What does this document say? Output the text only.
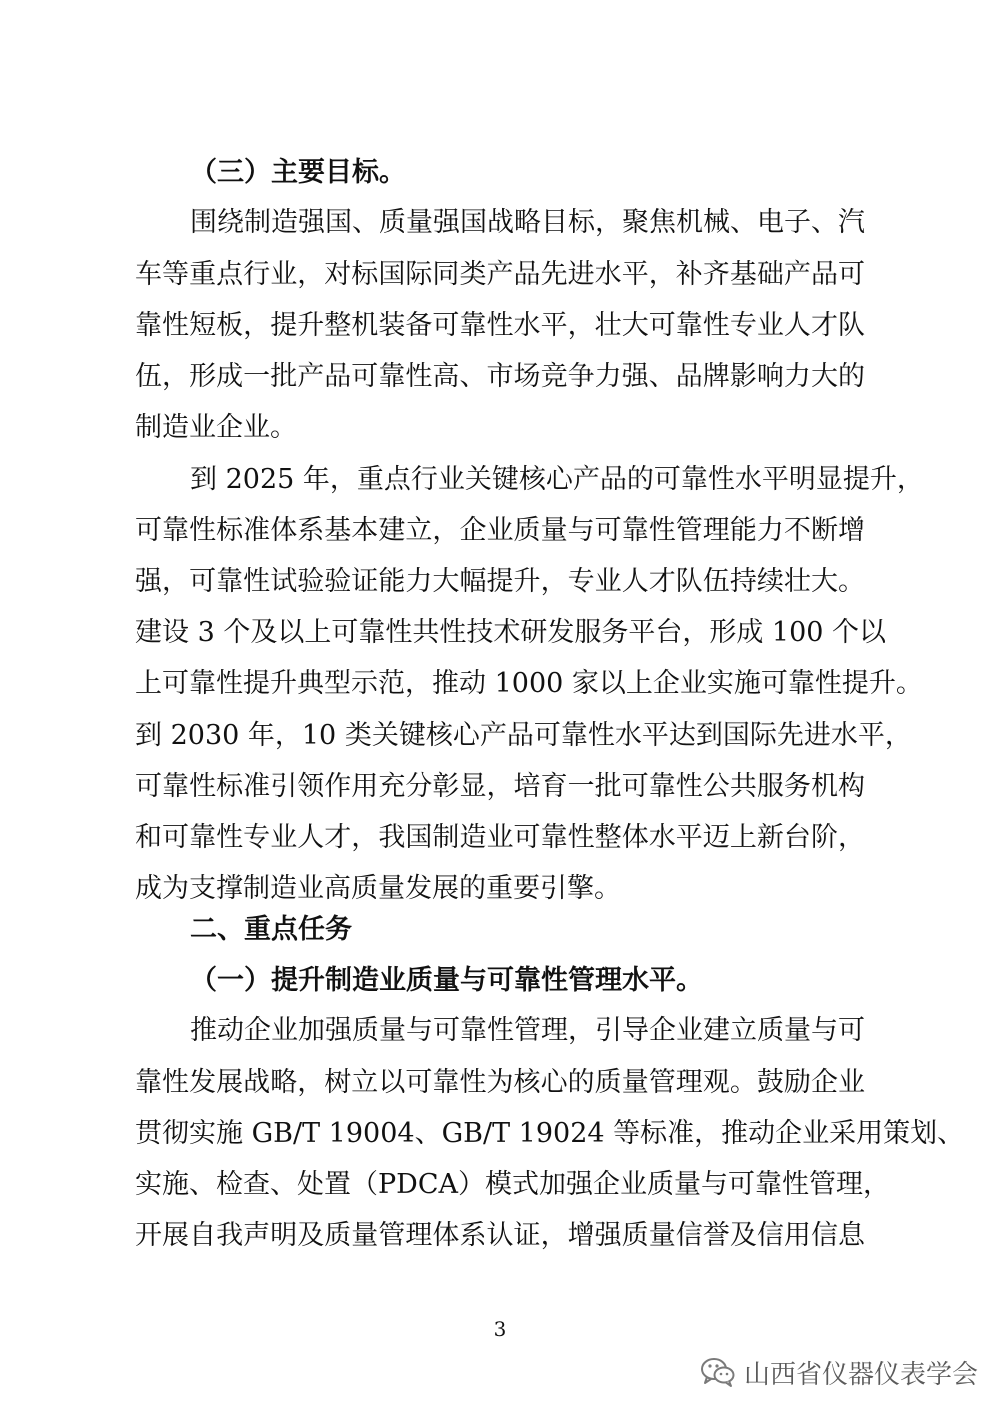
（三）主要目标。
围绕制造强国、质量强国战略目标，聚焦机械、电子、汽
车等重点行业，对标国际同类产品先进水平，补齐基础产品可
靠性短板，提升整机装备可靠性水平，壮大可靠性专业人才队
伍，形成一批产品可靠性高、市场竞争力强、品牌影响力大的
制造业企业。
到 2025 年，重点行业关键核心产品的可靠性水平明显提升，
可靠性标准体系基本建立，企业质量与可靠性管理能力不断增
强，可靠性试验验证能力大幅提升，专业人才队伍持续壮大。
建设 3 个及以上可靠性共性技术研发服务平台，形成 100 个以
上可靠性提升典型示范，推动 1000 家以上企业实施可靠性提升。
到 2030 年，10 类关键核心产品可靠性水平达到国际先进水平，
可靠性标准引领作用充分彰显，培育一批可靠性公共服务机构
和可靠性专业人才，我国制造业可靠性整体水平迈上新台阶，
成为支撑制造业高质量发展的重要引擎。
二、重点任务
（一）提升制造业质量与可靠性管理水平。
推动企业加强质量与可靠性管理，引导企业建立质量与可
靠性发展战略，树立以可靠性为核心的质量管理观。鼓励企业
贯彻实施 GB/T 19004、GB/T 19024 等标准，推动企业采用策划、
实施、检查、处置（PDCA）模式加强企业质量与可靠性管理，
开展自我声明及质量管理体系认证，增强质量信誉及信用信息
3
山西省仪器仪表学会
